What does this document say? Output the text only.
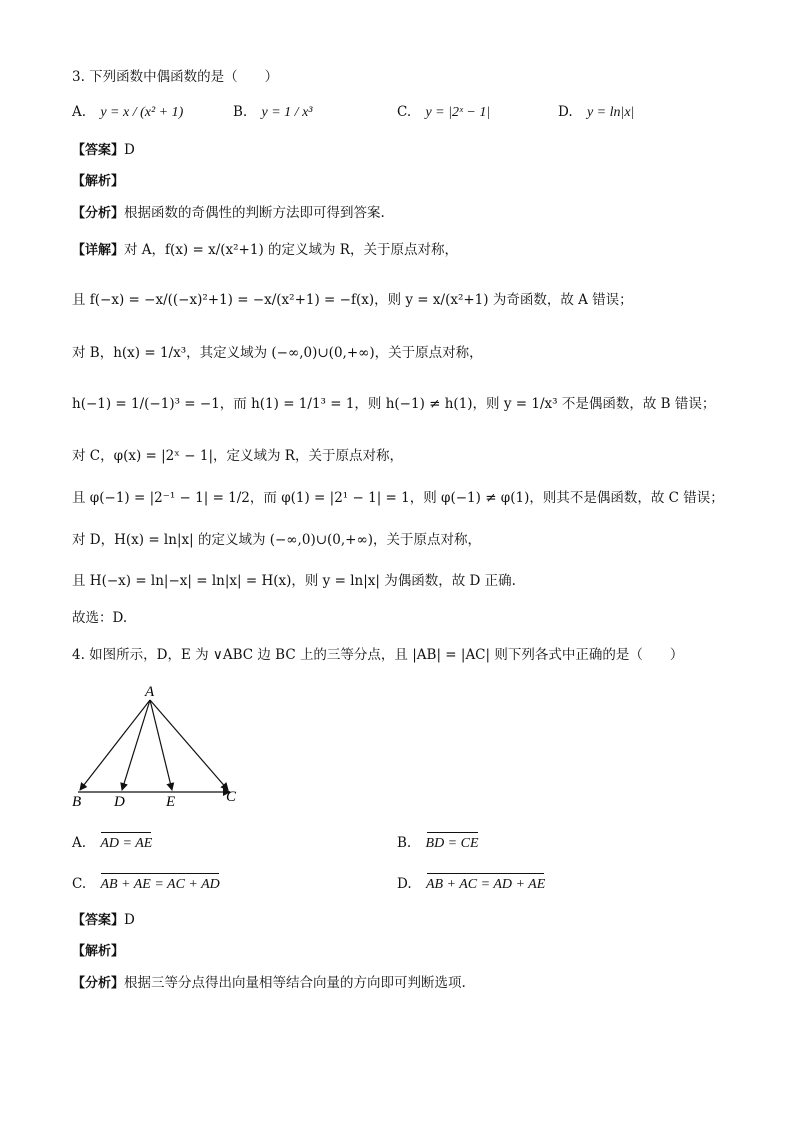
3. 下列函数中偶函数的是（　　）
A. y = x / (x² + 1)	B. y = 1 / x³	C. y = |2ˣ − 1|	D. y = ln|x|
【答案】D
【解析】
【分析】根据函数的奇偶性的判断方法即可得到答案.
【详解】对 A，f(x) = x/(x²+1) 的定义域为 R，关于原点对称，
且 f(−x) = −x/((−x)²+1) = −x/(x²+1) = −f(x)，则 y = x/(x²+1) 为奇函数，故 A 错误；
对 B，h(x) = 1/x³，其定义域为 (−∞,0)∪(0,+∞)，关于原点对称，
h(−1) = 1/(−1)³ = −1，而 h(1) = 1/1³ = 1，则 h(−1) ≠ h(1)，则 y = 1/x³ 不是偶函数，故 B 错误；
对 C，φ(x) = |2ˣ − 1|，定义域为 R，关于原点对称，
且 φ(−1) = |2⁻¹ − 1| = 1/2，而 φ(1) = |2¹ − 1| = 1，则 φ(−1) ≠ φ(1)，则其不是偶函数，故 C 错误；
对 D，H(x) = ln|x| 的定义域为 (−∞,0)∪(0,+∞)，关于原点对称，
且 H(−x) = ln|−x| = ln|x| = H(x)，则 y = ln|x| 为偶函数，故 D 正确.
故选：D.
4. 如图所示，D，E 为 ∨ABC 边 BC 上的三等分点，且 |AB| = |AC| 则下列各式中正确的是（　　）
A
B D	E	C
A. AD = AE	B. BD = CE
C. AB + AE = AC + AD	D. AB + AC = AD + AE
【答案】D
【解析】
【分析】根据三等分点得出向量相等结合向量的方向即可判断选项.
